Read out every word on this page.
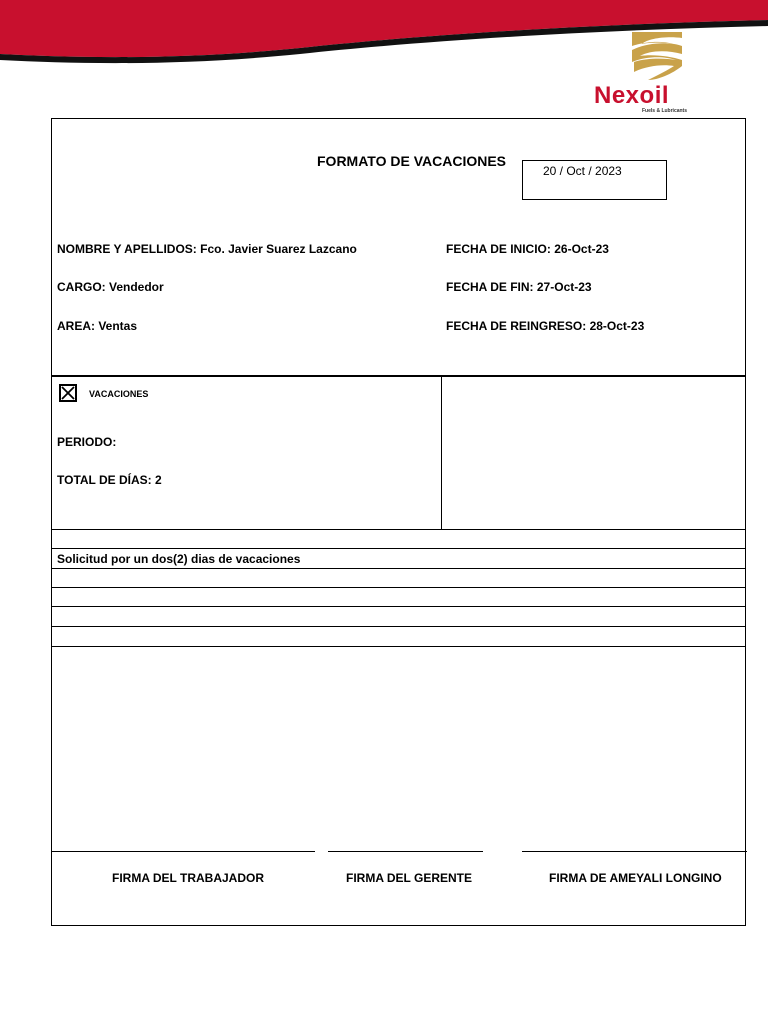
Nexoil
Fuels & Lubricants
FORMATO DE VACACIONES
20 / Oct / 2023
NOMBRE Y APELLIDOS: Fco. Javier Suarez Lazcano
CARGO: Vendedor
AREA: Ventas
FECHA DE INICIO: 26-Oct-23
FECHA DE FIN: 27-Oct-23
FECHA DE REINGRESO: 28-Oct-23
VACACIONES
PERIODO:
TOTAL DE DÍAS: 2
Solicitud por un dos(2) dias de vacaciones
FIRMA DEL TRABAJADOR	FIRMA DEL GERENTE	FIRMA DE AMEYALI LONGINO
